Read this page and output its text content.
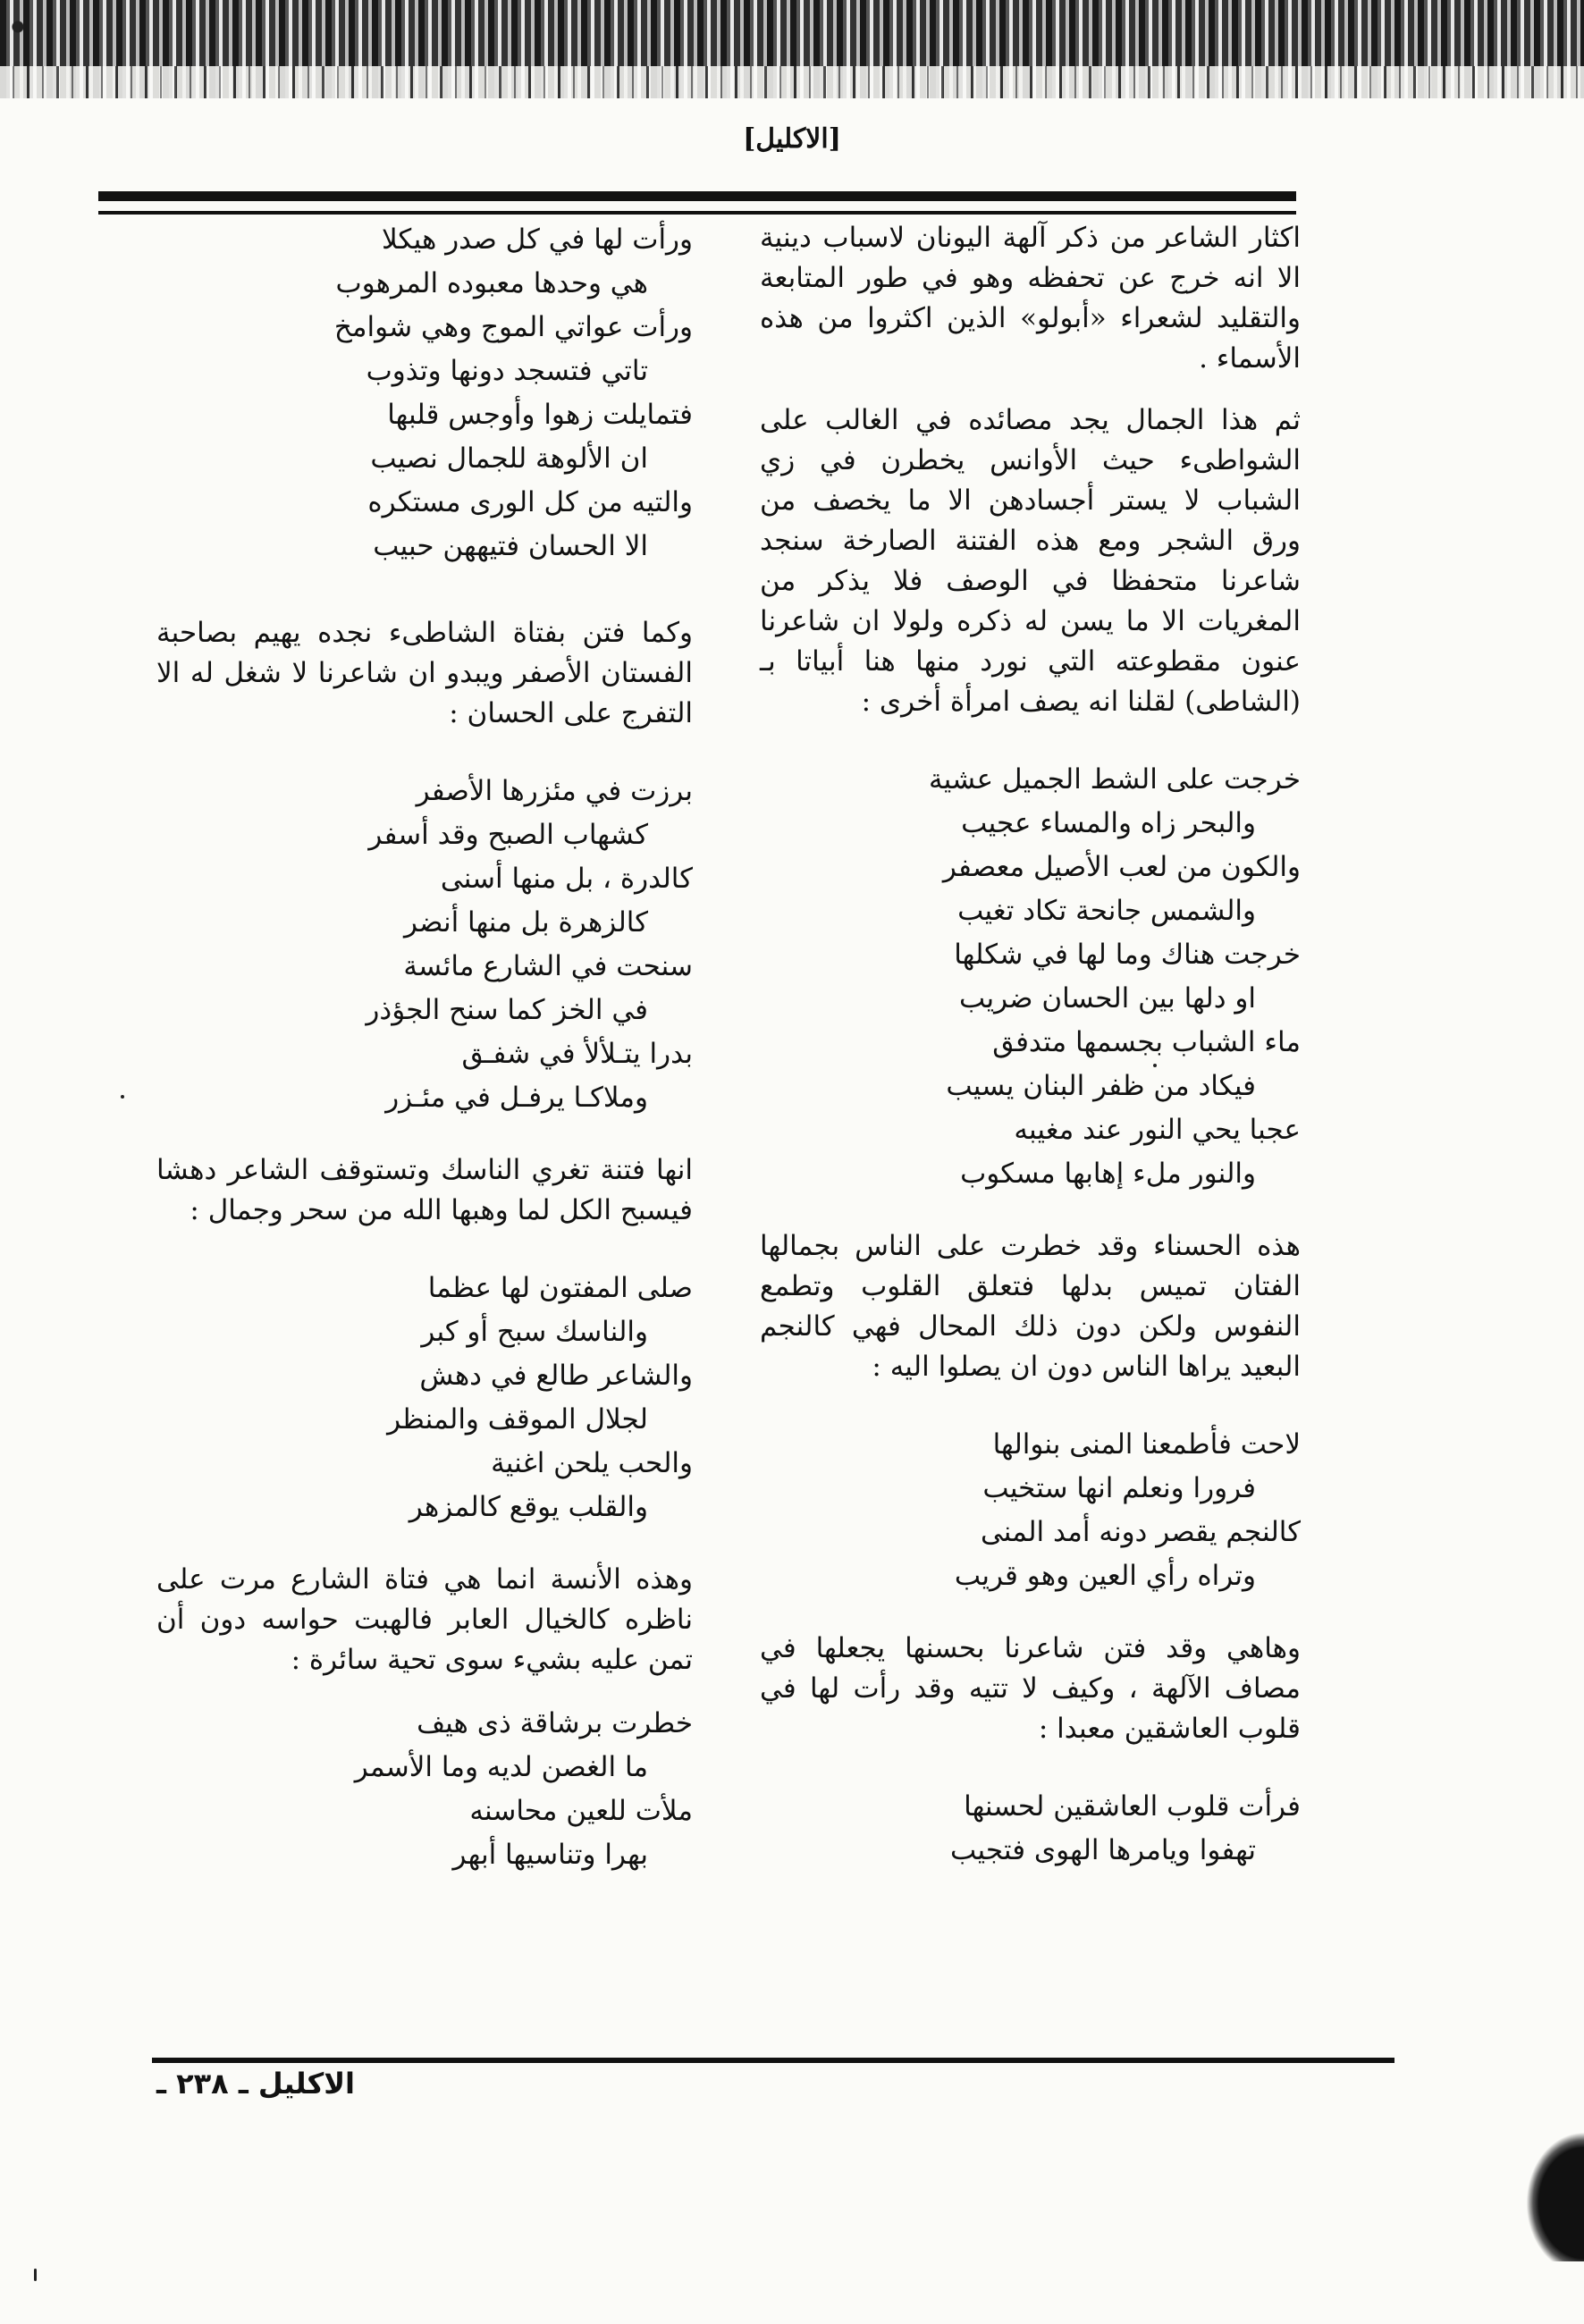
[الاكليل]

اكثار الشاعر من ذكر آلهة اليونان لاسباب دينية الا انه خرج عن تحفظه وهو في طور المتابعة والتقليد لشعراء «أبولو» الذين اكثروا من هذه الأسماء .

ثم هذا الجمال يجد مصائده في الغالب على الشواطىء حيث الأوانس يخطرن في زي الشباب لا يستر أجسادهن الا ما يخصف من ورق الشجر ومع هذه الفتنة الصارخة سنجد شاعرنا متحفظا في الوصف فلا يذكر من المغريات الا ما يسن له ذكره ولولا ان شاعرنا عنون مقطوعته التي نورد منها هنا أبياتا بـ (الشاطى) لقلنا انه يصف امرأة أخرى :

خرجت على الشط الجميل عشية
والبحر زاه والمساء عجيب
والكون من لعب الأصيل معصفر
والشمس جانحة تكاد تغيب
خرجت هناك وما لها في شكلها
او دلها بين الحسان ضريب
ماء الشباب بجسمها متدفق
فيكاد من ظفر البنان يسيب
عجبا يحي النور عند مغيبه
والنور ملء إهابها مسكوب

هذه الحسناء وقد خطرت على الناس بجمالها الفتان تميس بدلها فتعلق القلوب وتطمع النفوس ولكن دون ذلك المحال فهي كالنجم البعيد يراها الناس دون ان يصلوا اليه :

لاحت فأطمعنا المنى بنوالها
فرورا ونعلم انها ستخيب
كالنجم يقصر دونه أمد المنى
وتراه رأي العين وهو قريب

وهاهي وقد فتن شاعرنا بحسنها يجعلها في مصاف الآلهة ، وكيف لا تتيه وقد رأت لها في قلوب العاشقين معبدا :

فرأت قلوب العاشقين لحسنها
تهفوا ويامرها الهوى فتجيب
ورأت لها في كل صدر هيكلا
هي وحدها معبوده المرهوب
ورأت عواتي الموج وهي شوامخ
تاتي فتسجد دونها وتذوب
فتمايلت زهوا وأوجس قلبها
ان الألوهة للجمال نصيب
والتيه من كل الورى مستكره
الا الحسان فتيههن حبيب

وكما فتن بفتاة الشاطىء نجده يهيم بصاحبة الفستان الأصفر ويبدو ان شاعرنا لا شغل له الا التفرج على الحسان :

برزت في مئزرها الأصفر
كشهاب الصبح وقد أسفر
كالدرة ، بل منها أسنى
كالزهرة بل منها أنضر
سنحت في الشارع مائسة
في الخز كما سنح الجؤذر
بدرا يتـلألأ في شفـق
وملاكـا يرفـل في مئـزر

انها فتنة تغري الناسك وتستوقف الشاعر دهشا فيسبح الكل لما وهبها الله من سحر وجمال :

صلى المفتون لها عظما
والناسك سبح أو كبر
والشاعر طالع في دهش
لجلال الموقف والمنظر
والحب يلحن اغنية
والقلب يوقع كالمزهر

وهذه الأنسة انما هي فتاة الشارع مرت على ناظره كالخيال العابر فالهبت حواسه دون أن تمن عليه بشيء سوى تحية سائرة :

خطرت برشاقة ذى هيف
ما الغصن لديه وما الأسمر
ملأت للعين محاسنه
بهرا وتناسيها أبهر
الاكليل ـ ٢٣٨ ـ
